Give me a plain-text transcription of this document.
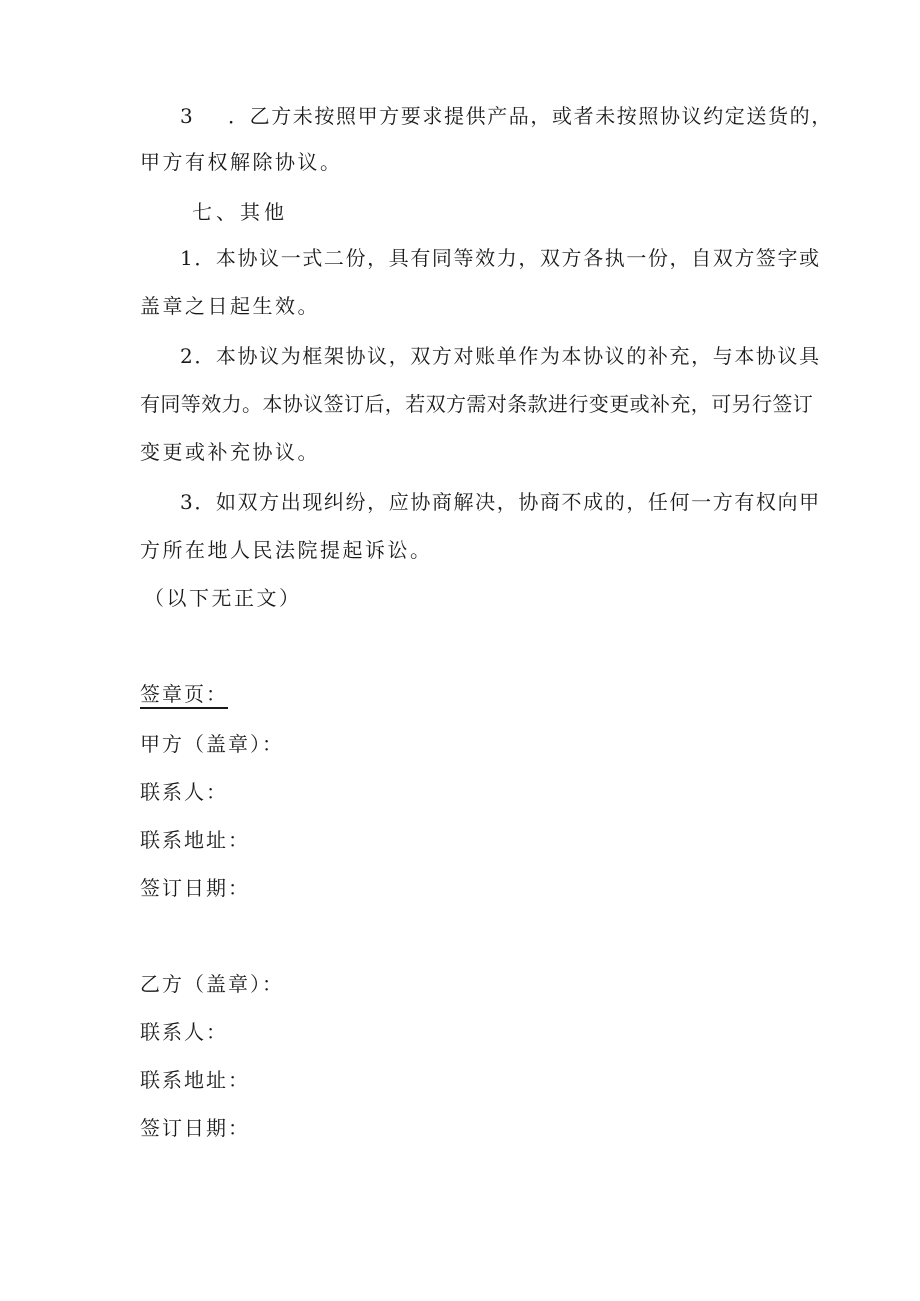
3 ．乙方未按照甲方要求提供产品，或者未按照协议约定送货的，
甲方有权解除协议。
七、其他
1．本协议一式二份，具有同等效力，双方各执一份，自双方签字或
盖章之日起生效。
2．本协议为框架协议，双方对账单作为本协议的补充，与本协议具
有同等效力。本协议签订后，若双方需对条款进行变更或补充，可另行签订
变更或补充协议。
3．如双方出现纠纷，应协商解决，协商不成的，任何一方有权向甲
方所在地人民法院提起诉讼。
（以下无正文）
签章页：
甲方（盖章）：
联系人：
联系地址：
签订日期：
乙方（盖章）：
联系人：
联系地址：
签订日期：
